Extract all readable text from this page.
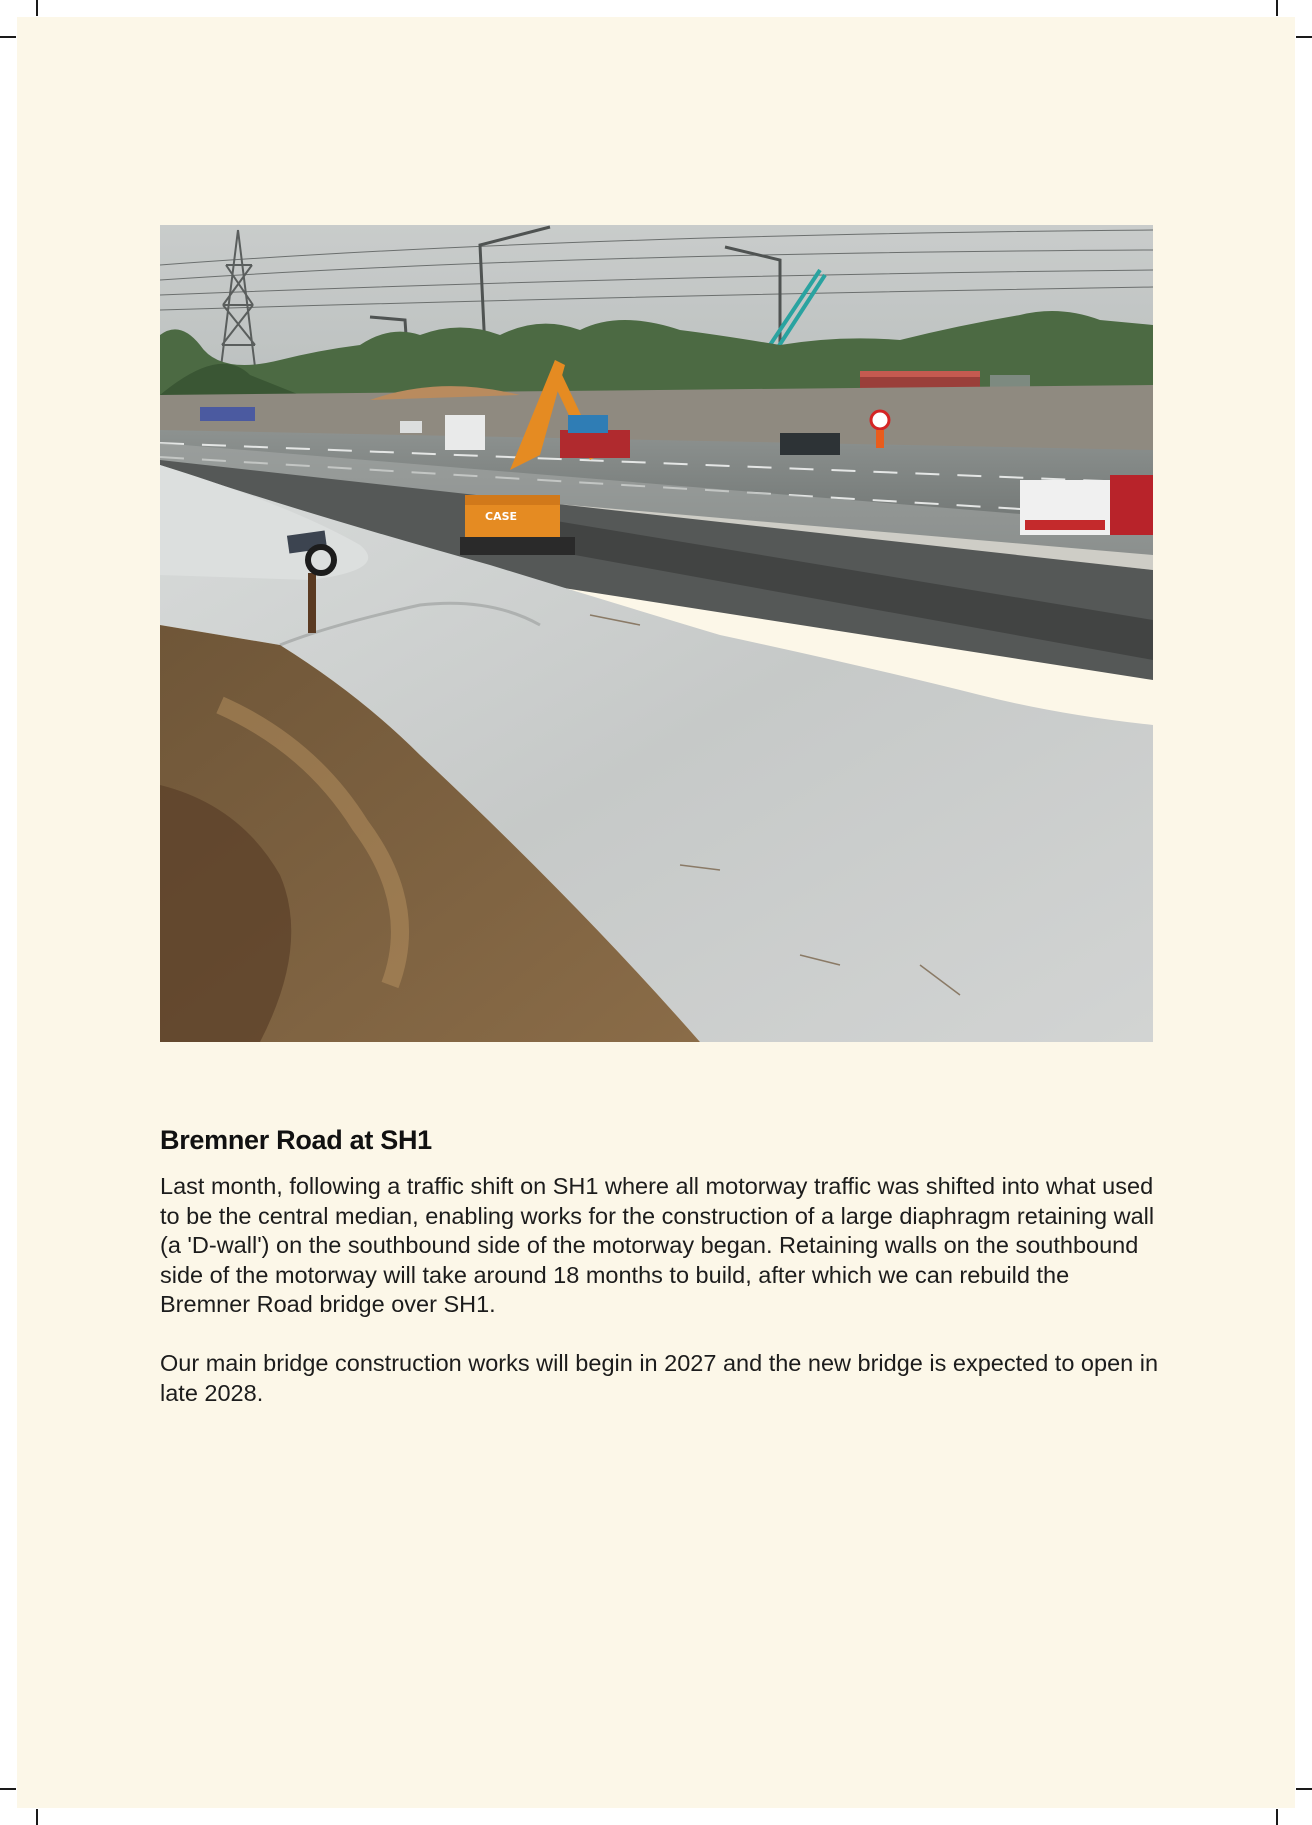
CASE
Bremner Road at SH1

Last month, following a traffic shift on SH1 where all motorway traffic was shifted into what used to be the central median, enabling works for the construction of a large diaphragm retaining wall (a 'D-wall') on the southbound side of the motorway began. Retaining walls on the southbound side of the motorway will take around 18 months to build, after which we can rebuild the Bremner Road bridge over SH1.

Our main bridge construction works will begin in 2027 and the new bridge is expected to open in late 2028.
